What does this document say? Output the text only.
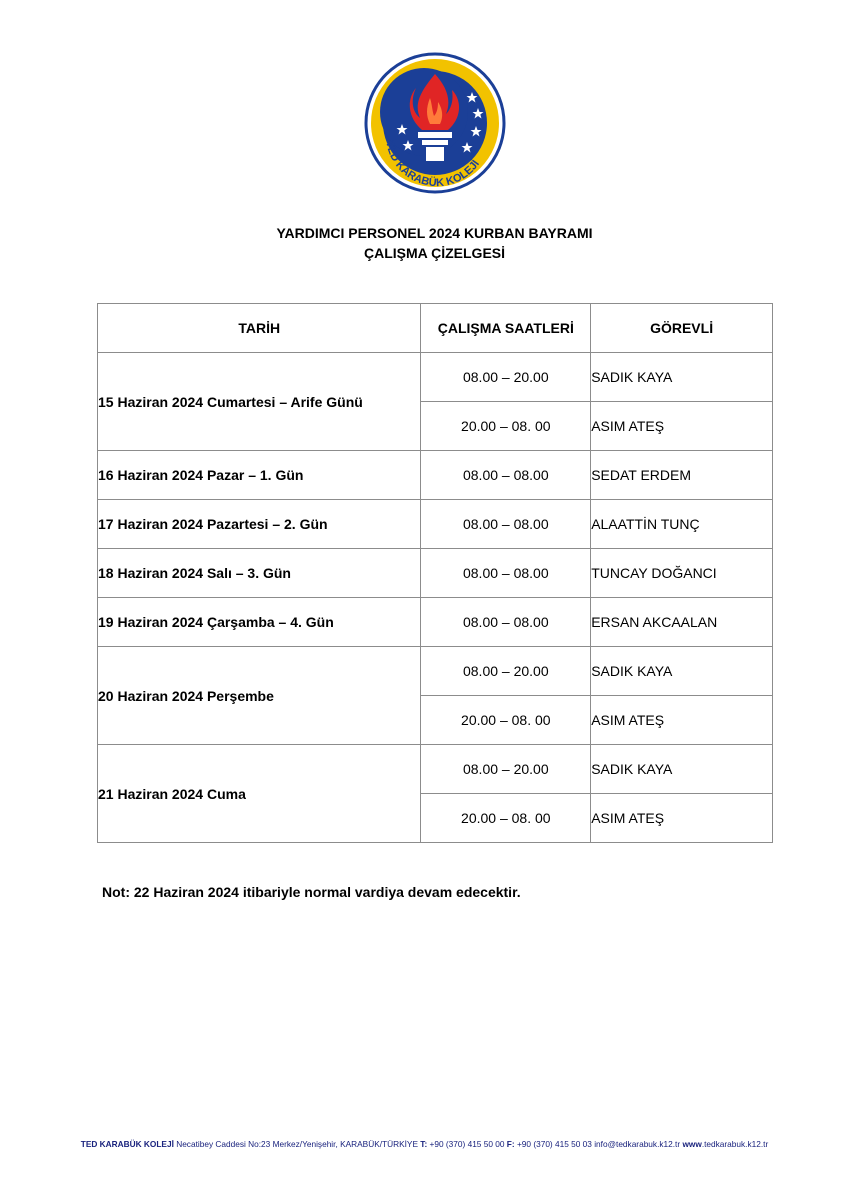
TED KARABÜK KOLEJİ
YARDIMCI PERSONEL 2024 KURBAN BAYRAMI
ÇALIŞMA ÇİZELGESİ
TARİH	ÇALIŞMA SAATLERİ	GÖREVLİ
15 Haziran 2024 Cumartesi – Arife Günü	08.00 – 20.00	SADIK KAYA
	20.00 – 08. 00	ASIM ATEŞ
16 Haziran 2024 Pazar – 1. Gün	08.00 – 08.00	SEDAT ERDEM
17 Haziran 2024 Pazartesi – 2. Gün	08.00 – 08.00	ALAATTİN TUNÇ
18 Haziran 2024 Salı – 3. Gün	08.00 – 08.00	TUNCAY DOĞANCI
19 Haziran 2024 Çarşamba – 4. Gün	08.00 – 08.00	ERSAN AKCAALAN
20 Haziran 2024 Perşembe	08.00 – 20.00	SADIK KAYA
	20.00 – 08. 00	ASIM ATEŞ
21 Haziran 2024 Cuma	08.00 – 20.00	SADIK KAYA
	20.00 – 08. 00	ASIM ATEŞ
Not: 22 Haziran 2024 itibariyle normal vardiya devam edecektir.
TED KARABÜK KOLEJİ Necatibey Caddesi No:23 Merkez/Yenişehir, KARABÜK/TÜRKİYE T: +90 (370) 415 50 00 F: +90 (370) 415 50 03 info@tedkarabuk.k12.tr www.tedkarabuk.k12.tr
